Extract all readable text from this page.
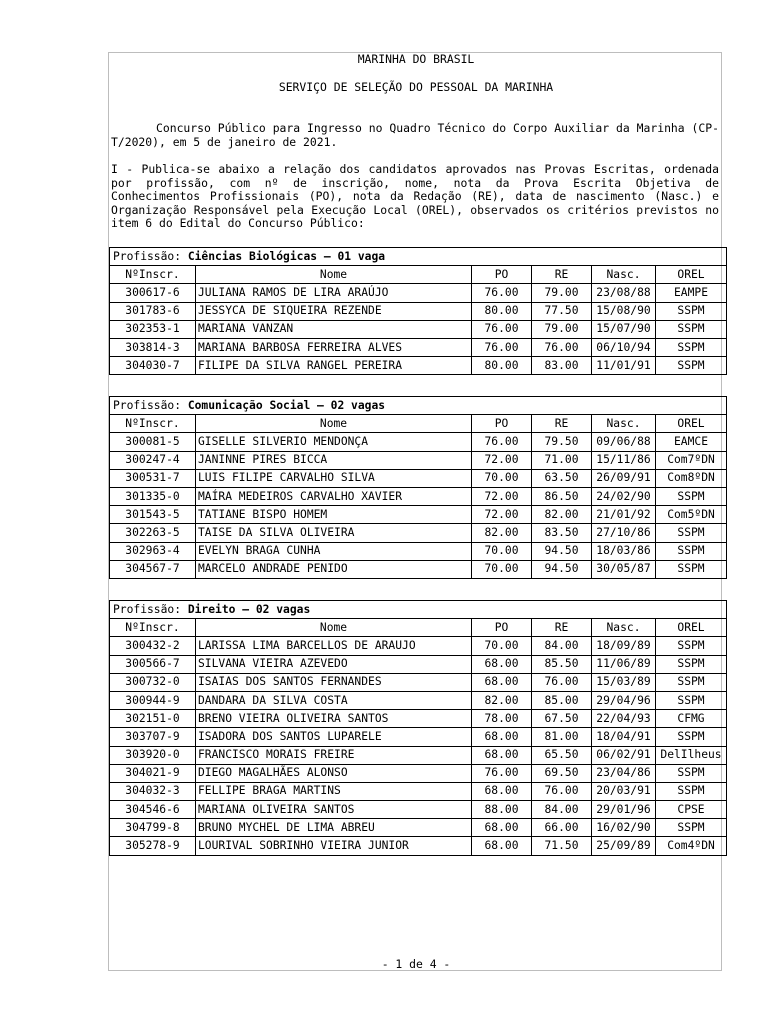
MARINHA DO BRASIL
SERVIÇO DE SELEÇÃO DO PESSOAL DA MARINHA
Concurso Público para Ingresso no Quadro Técnico do Corpo Auxiliar da Marinha (CP-T/2020), em 5 de janeiro de 2021.
I - Publica-se abaixo a relação dos candidatos aprovados nas Provas Escritas, ordenada por profissão, com nº de inscrição, nome, nota da Prova Escrita Objetiva de Conhecimentos Profissionais (PO), nota da Redação (RE), data de nascimento (Nasc.) e Organização Responsável pela Execução Local (OREL), observados os critérios previstos no item 6 do Edital do Concurso Público:
Profissão: Ciências Biológicas – 01 vaga					
NºInscr.	Nome	PO	RE	Nasc.	OREL
300617-6	JULIANA RAMOS DE LIRA ARAÚJO	76.00	79.00	23/08/88	EAMPE
301783-6	JESSYCA DE SIQUEIRA REZENDE	80.00	77.50	15/08/90	SSPM
302353-1	MARIANA VANZAN	76.00	79.00	15/07/90	SSPM
303814-3	MARIANA BARBOSA FERREIRA ALVES	76.00	76.00	06/10/94	SSPM
304030-7	FILIPE DA SILVA RANGEL PEREIRA	80.00	83.00	11/01/91	SSPM
Profissão: Comunicação Social – 02 vagas					
NºInscr.	Nome	PO	RE	Nasc.	OREL
300081-5	GISELLE SILVERIO MENDONÇA	76.00	79.50	09/06/88	EAMCE
300247-4	JANINNE PIRES BICCA	72.00	71.00	15/11/86	Com7ºDN
300531-7	LUIS FILIPE CARVALHO SILVA	70.00	63.50	26/09/91	Com8ºDN
301335-0	MAÍRA MEDEIROS CARVALHO XAVIER	72.00	86.50	24/02/90	SSPM
301543-5	TATIANE BISPO HOMEM	72.00	82.00	21/01/92	Com5ºDN
302263-5	TAISE DA SILVA OLIVEIRA	82.00	83.50	27/10/86	SSPM
302963-4	EVELYN BRAGA CUNHA	70.00	94.50	18/03/86	SSPM
304567-7	MARCELO ANDRADE PENIDO	70.00	94.50	30/05/87	SSPM
Profissão: Direito – 02 vagas					
NºInscr.	Nome	PO	RE	Nasc.	OREL
300432-2	LARISSA LIMA BARCELLOS DE ARAUJO	70.00	84.00	18/09/89	SSPM
300566-7	SILVANA VIEIRA AZEVEDO	68.00	85.50	11/06/89	SSPM
300732-0	ISAIAS DOS SANTOS FERNANDES	68.00	76.00	15/03/89	SSPM
300944-9	DANDARA DA SILVA COSTA	82.00	85.00	29/04/96	SSPM
302151-0	BRENO VIEIRA OLIVEIRA SANTOS	78.00	67.50	22/04/93	CFMG
303707-9	ISADORA DOS SANTOS LUPARELE	68.00	81.00	18/04/91	SSPM
303920-0	FRANCISCO MORAIS FREIRE	68.00	65.50	06/02/91	DelIlheus
304021-9	DIEGO MAGALHÃES ALONSO	76.00	69.50	23/04/86	SSPM
304032-3	FELLIPE BRAGA MARTINS	68.00	76.00	20/03/91	SSPM
304546-6	MARIANA OLIVEIRA SANTOS	88.00	84.00	29/01/96	CPSE
304799-8	BRUNO MYCHEL DE LIMA ABREU	68.00	66.00	16/02/90	SSPM
305278-9	LOURIVAL SOBRINHO VIEIRA JUNIOR	68.00	71.50	25/09/89	Com4ºDN
- 1 de 4 -
